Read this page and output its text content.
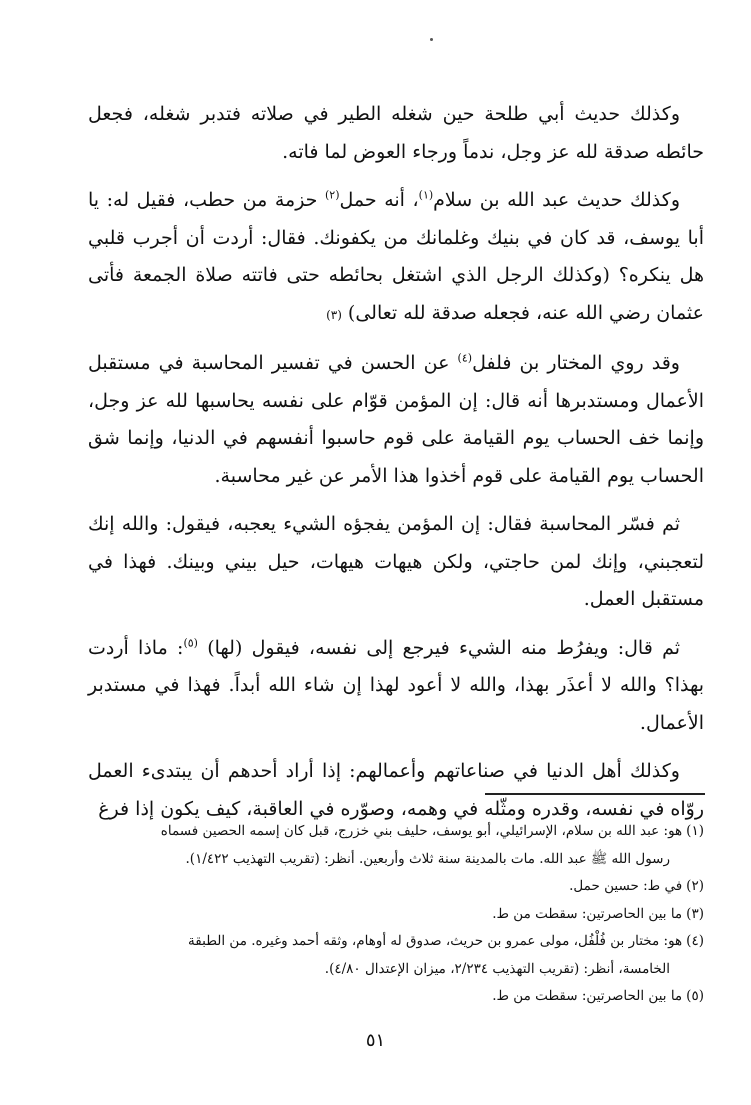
وكذلك حديث أبي طلحة حين شغله الطير في صلاته فتدبر شغله، فجعل حائطه صدقة لله عز وجل، ندماً ورجاء العوض لما فاته.

وكذلك حديث عبد الله بن سلام$^{(١)}$، أنه حمل$^{(٢)}$ حزمة من حطب، فقيل له: يا أبا يوسف، قد كان في بنيك وغلمانك من يكفونك. فقال: أردت أن أجرب قلبي هل ينكره؟ (وكذلك الرجل الذي اشتغل بحائطه حتى فاتته صلاة الجمعة فأتى عثمان رضي الله عنه، فجعله صدقة لله تعالى) (٣)

وقد روي المختار بن فلفل$^{(٤)}$ عن الحسن في تفسير المحاسبة في مستقبل الأعمال ومستدبرها أنه قال: إن المؤمن قوّام على نفسه يحاسبها لله عز وجل، وإنما خف الحساب يوم القيامة على قوم حاسبوا أنفسهم في الدنيا، وإنما شق الحساب يوم القيامة على قوم أخذوا هذا الأمر عن غير محاسبة.

ثم فسّر المحاسبة فقال: إن المؤمن يفجؤه الشيء يعجبه، فيقول: والله إنك لتعجبني، وإنك لمن حاجتي، ولكن هيهات هيهات، حيل بيني وبينك. فهذا في مستقبل العمل.

ثم قال: ويفرُط منه الشيء فيرجع إلى نفسه، فيقول (لها) $^{(٥)}$: ماذا أردت بهذا؟ والله لا أعذَر بهذا، والله لا أعود لهذا إن شاء الله أبداً. فهذا في مستدبر الأعمال.

وكذلك أهل الدنيا في صناعاتهم وأعمالهم: إذا أراد أحدهم أن يبتدىء العمل روّاه في نفسه، وقدره ومثّله في وهمه، وصوّره في العاقبة، كيف يكون إذا فرغ

(١)هو: عبد الله بن سلام، الإسرائيلي، أبو يوسف، حليف بني خزرج، قبل كان إسمه الحصين فسماه
رسول الله ﷺ عبد الله. مات بالمدينة سنة ثلاث وأربعين. أنظر: (تقريب التهذيب ١/٤٢٢).
(٢)في ط: حسين حمل.
(٣)ما بين الحاصرتين: سقطت من ط.
(٤)هو: مختار بن فُلْفُل، مولى عمرو بن حريث، صدوق له أوهام، وثقه أحمد وغيره. من الطبقة
الخامسة، أنظر: (تقريب التهذيب ٢/٢٣٤، ميزان الإعتدال ٤/٨٠).
(٥)ما بين الحاصرتين: سقطت من ط.
٥١
